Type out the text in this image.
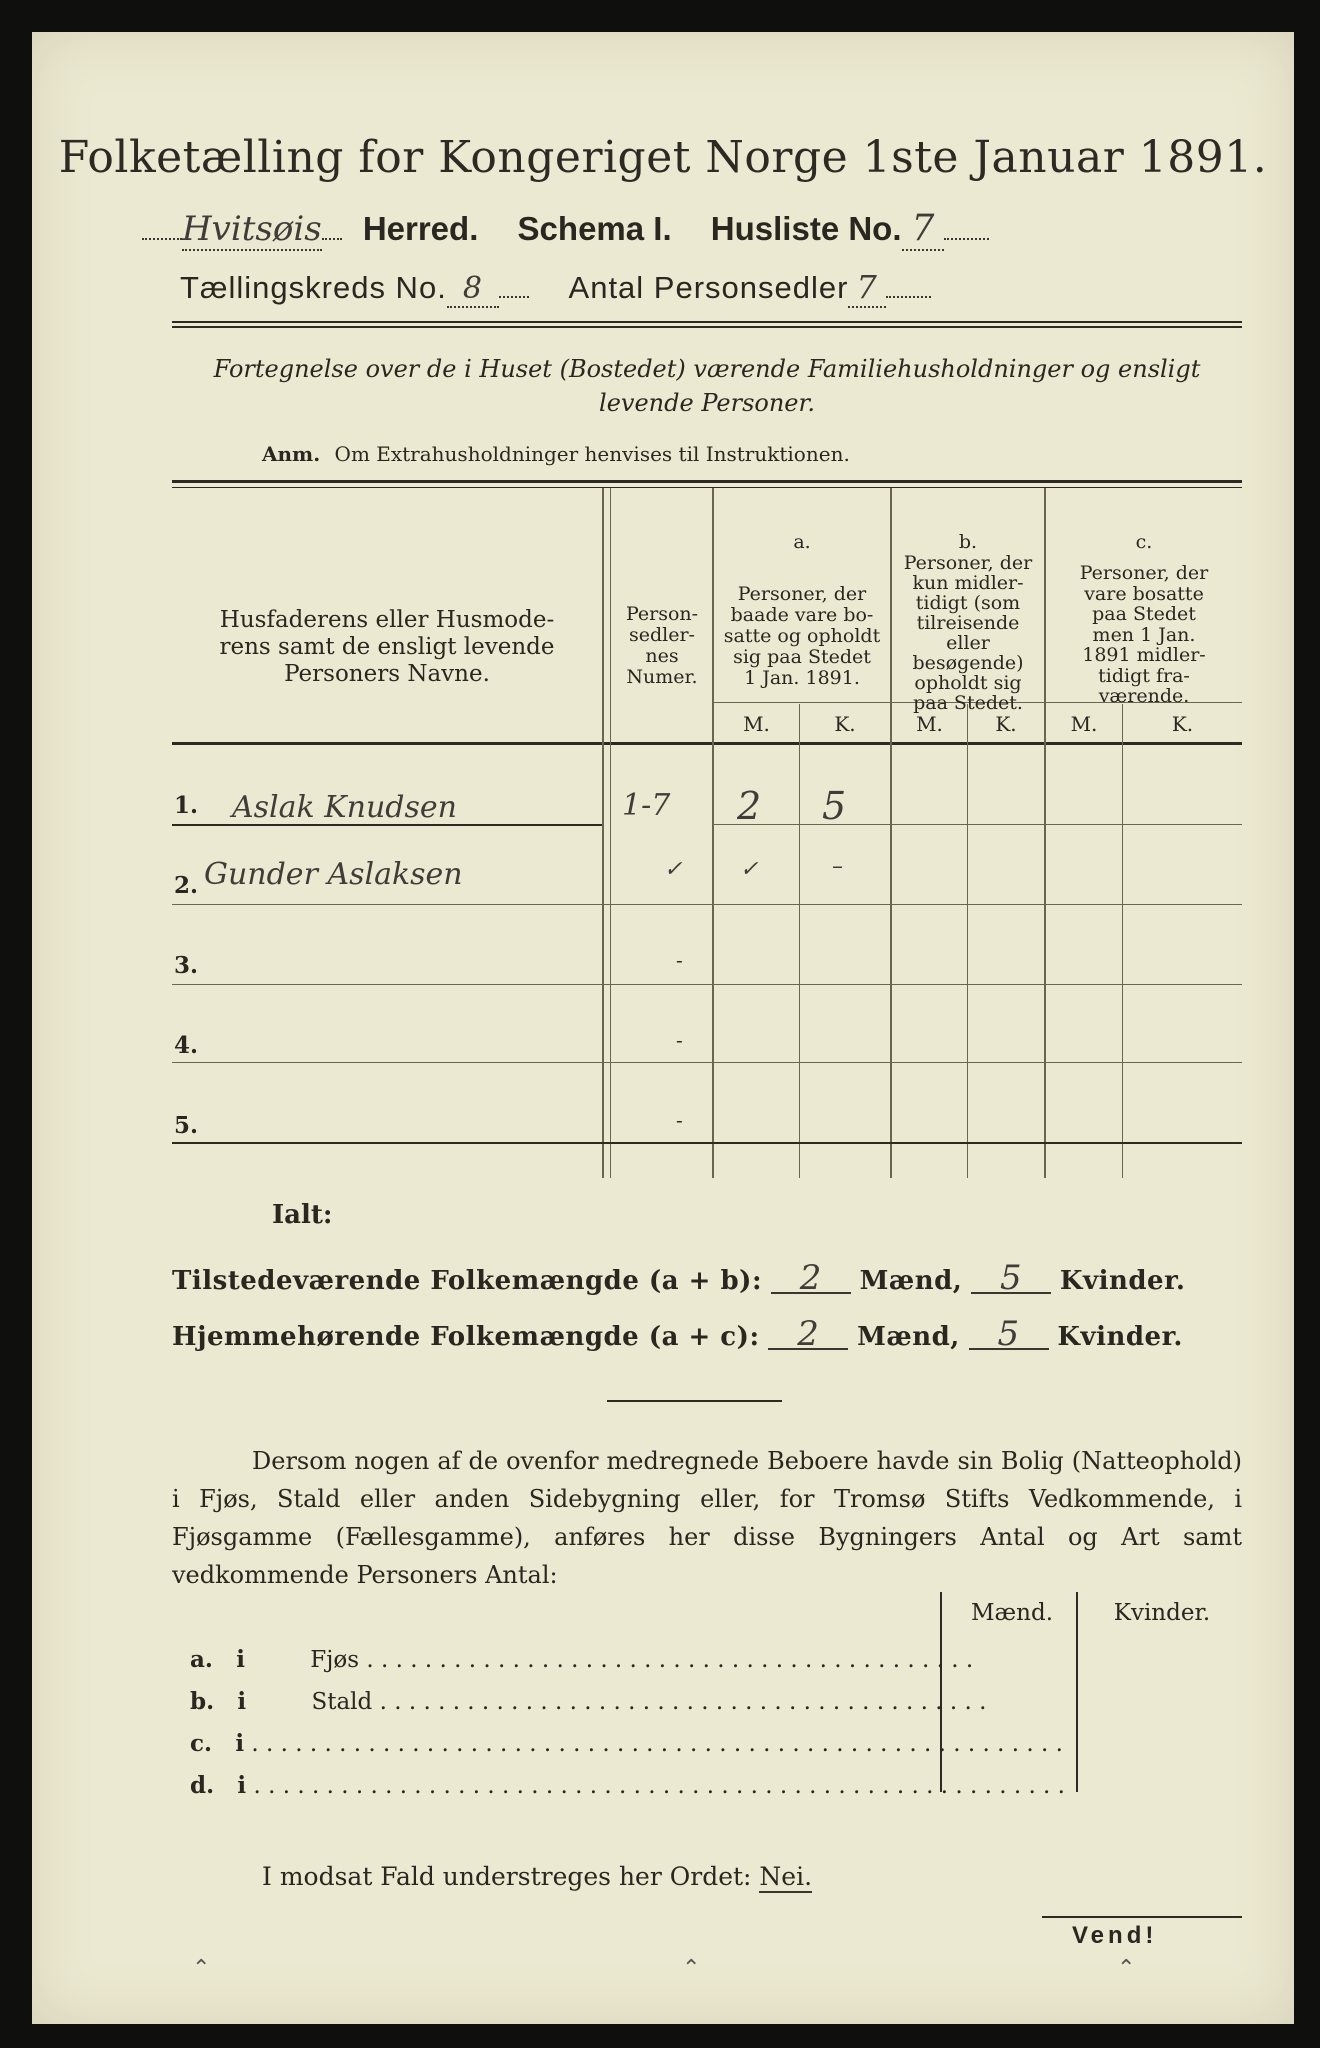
Folketælling for Kongeriget Norge 1ste Januar 1891.
Hvitsøis Herred. Schema I. Husliste No. 7
Tællingskreds No. 8	Antal Personsedler 7
Fortegnelse over de i Huset (Bostedet) værende Familiehusholdninger og ensligt
levende Personer.
Anm. Om Extrahusholdninger henvises til Instruktionen.
Husfaderens eller Husmode-
rens samt de ensligt levende
Personers Navne.
Person-
sedler-
nes
Numer.
a.
Personer, der
baade vare bo-
satte og opholdt
sig paa Stedet
1 Jan. 1891.
b.
Personer, der
kun midler-
tidigt (som
tilreisende
eller
besøgende)
opholdt sig
paa Stedet.
c.
Personer, der
vare bosatte
paa Stedet
men 1 Jan.
1891 midler-
tidigt fra-
værende.
M.	K.	M.	K.	M.	K.
1. Aslak Knudsen	1-7 2 5
2. Gunder Aslaksen	✓	✓	–
3.	-
4.	-
5.	-
Ialt:
Tilstedeværende Folkemængde (a + b): 2 Mænd, 5 Kvinder.
Hjemmehørende Folkemængde (a + c): 2 Mænd, 5 Kvinder.
Dersom nogen af de ovenfor medregnede Beboere havde sin Bolig (Natteophold) i Fjøs, Stald eller anden Sidebygning eller, for Tromsø Stifts Vedkommende, i Fjøsgamme (Fællesgamme), anføres her disse Bygningers Antal og Art samt vedkommende Personers Antal:
Mænd.	Kvinder.
a. i	Fjøs . . . . . . . . . . . . . . . . . . . . . . . . . . . . . . . . . . . . . . . . . .
b. i	Stald . . . . . . . . . . . . . . . . . . . . . . . . . . . . . . . . . . . . . . . . . .
c. i . . . . . . . . . . . . . . . . . . . . . . . . . . . . . . . . . . . . . . . . . . . . . . . . . . . . . . . .
d. i . . . . . . . . . . . . . . . . . . . . . . . . . . . . . . . . . . . . . . . . . . . . . . . . . . . . . . . .
I modsat Fald understreges her Ordet: Nei.
Vend!
⌃	⌃	⌃
